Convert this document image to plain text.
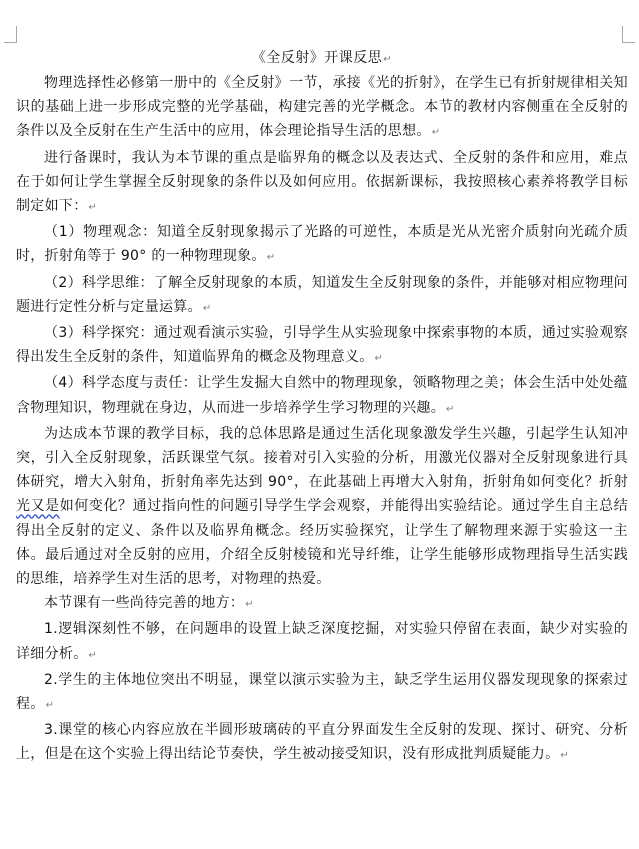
《全反射》开课反思↵

物理选择性必修第一册中的《全反射》一节，承接《光的折射》，在学生已有折射规律相关知识的基础上进一步形成完整的光学基础，构建完善的光学概念。本节的教材内容侧重在全反射的条件以及全反射在生产生活中的应用，体会理论指导生活的思想。↵

进行备课时，我认为本节课的重点是临界角的概念以及表达式、全反射的条件和应用，难点在于如何让学生掌握全反射现象的条件以及如何应用。依据新课标，我按照核心素养将教学目标制定如下：↵

（1）物理观念：知道全反射现象揭示了光路的可逆性，本质是光从光密介质射向光疏介质时，折射角等于 90° 的一种物理现象。↵

（2）科学思维：了解全反射现象的本质，知道发生全反射现象的条件，并能够对相应物理问题进行定性分析与定量运算。↵

（3）科学探究：通过观看演示实验，引导学生从实验现象中探索事物的本质，通过实验观察得出发生全反射的条件，知道临界角的概念及物理意义。↵

（4）科学态度与责任：让学生发掘大自然中的物理现象，领略物理之美；体会生活中处处蕴含物理知识，物理就在身边，从而进一步培养学生学习物理的兴趣。↵

为达成本节课的教学目标，我的总体思路是通过生活化现象激发学生兴趣，引起学生认知冲突，引入全反射现象，活跃课堂气氛。接着对引入实验的分析，用激光仪器对全反射现象进行具体研究，增大入射角，折射角率先达到 90°，在此基础上再增大入射角，折射角如何变化？折射光又是如何变化？通过指向性的问题引导学生学会观察，并能得出实验结论。通过学生自主总结得出全反射的定义、条件以及临界角概念。经历实验探究，让学生了解物理来源于实验这一主体。最后通过对全反射的应用，介绍全反射棱镜和光导纤维，让学生能够形成物理指导生活实践的思维，培养学生对生活的思考，对物理的热爱。

本节课有一些尚待完善的地方：↵

1.逻辑深刻性不够，在问题串的设置上缺乏深度挖掘，对实验只停留在表面，缺少对实验的详细分析。↵

2.学生的主体地位突出不明显，课堂以演示实验为主，缺乏学生运用仪器发现现象的探索过程。↵

3.课堂的核心内容应放在半圆形玻璃砖的平直分界面发生全反射的发现、探讨、研究、分析上，但是在这个实验上得出结论节奏快，学生被动接受知识，没有形成批判质疑能力。↵
